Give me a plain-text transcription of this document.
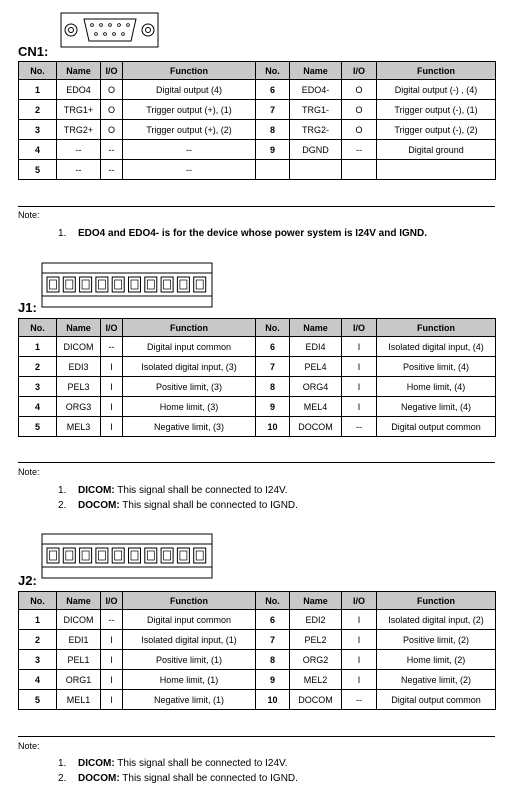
CN1:
No.	Name	I/O	Function	No.	Name	I/O	Function
1	EDO4	O	Digital output (4)	6	EDO4-	O	Digital output (-) , (4)
2	TRG1+	O	Trigger output (+), (1)	7	TRG1-	O	Trigger output (-), (1)
3	TRG2+	O	Trigger output (+), (2)	8	TRG2-	O	Trigger output (-), (2)
4	--	--	--	9	DGND	--	Digital ground
5	--	--	--				
Note:
1. EDO4 and EDO4- is for the device whose power system is I24V and IGND.
J1:
No.	Name	I/O	Function	No.	Name	I/O	Function
1	DICOM	--	Digital input common	6	EDI4	I	Isolated digital input, (4)
2	EDI3	I	Isolated digital input, (3)	7	PEL4	I	Positive limit, (4)
3	PEL3	I	Positive limit, (3)	8	ORG4	I	Home limit, (4)
4	ORG3	I	Home limit, (3)	9	MEL4	I	Negative limit, (4)
5	MEL3	I	Negative limit, (3)	10	DOCOM	--	Digital output common
Note:
1. DICOM: This signal shall be connected to I24V.
2. DOCOM: This signal shall be connected to IGND.
J2:
No.	Name	I/O	Function	No.	Name	I/O	Function
1	DICOM	--	Digital input common	6	EDI2	I	Isolated digital input, (2)
2	EDI1	I	Isolated digital input, (1)	7	PEL2	I	Positive limit, (2)
3	PEL1	I	Positive limit, (1)	8	ORG2	I	Home limit, (2)
4	ORG1	I	Home limit, (1)	9	MEL2	I	Negative limit, (2)
5	MEL1	I	Negative limit, (1)	10	DOCOM	--	Digital output common
Note:
1. DICOM: This signal shall be connected to I24V.
2. DOCOM: This signal shall be connected to IGND.
